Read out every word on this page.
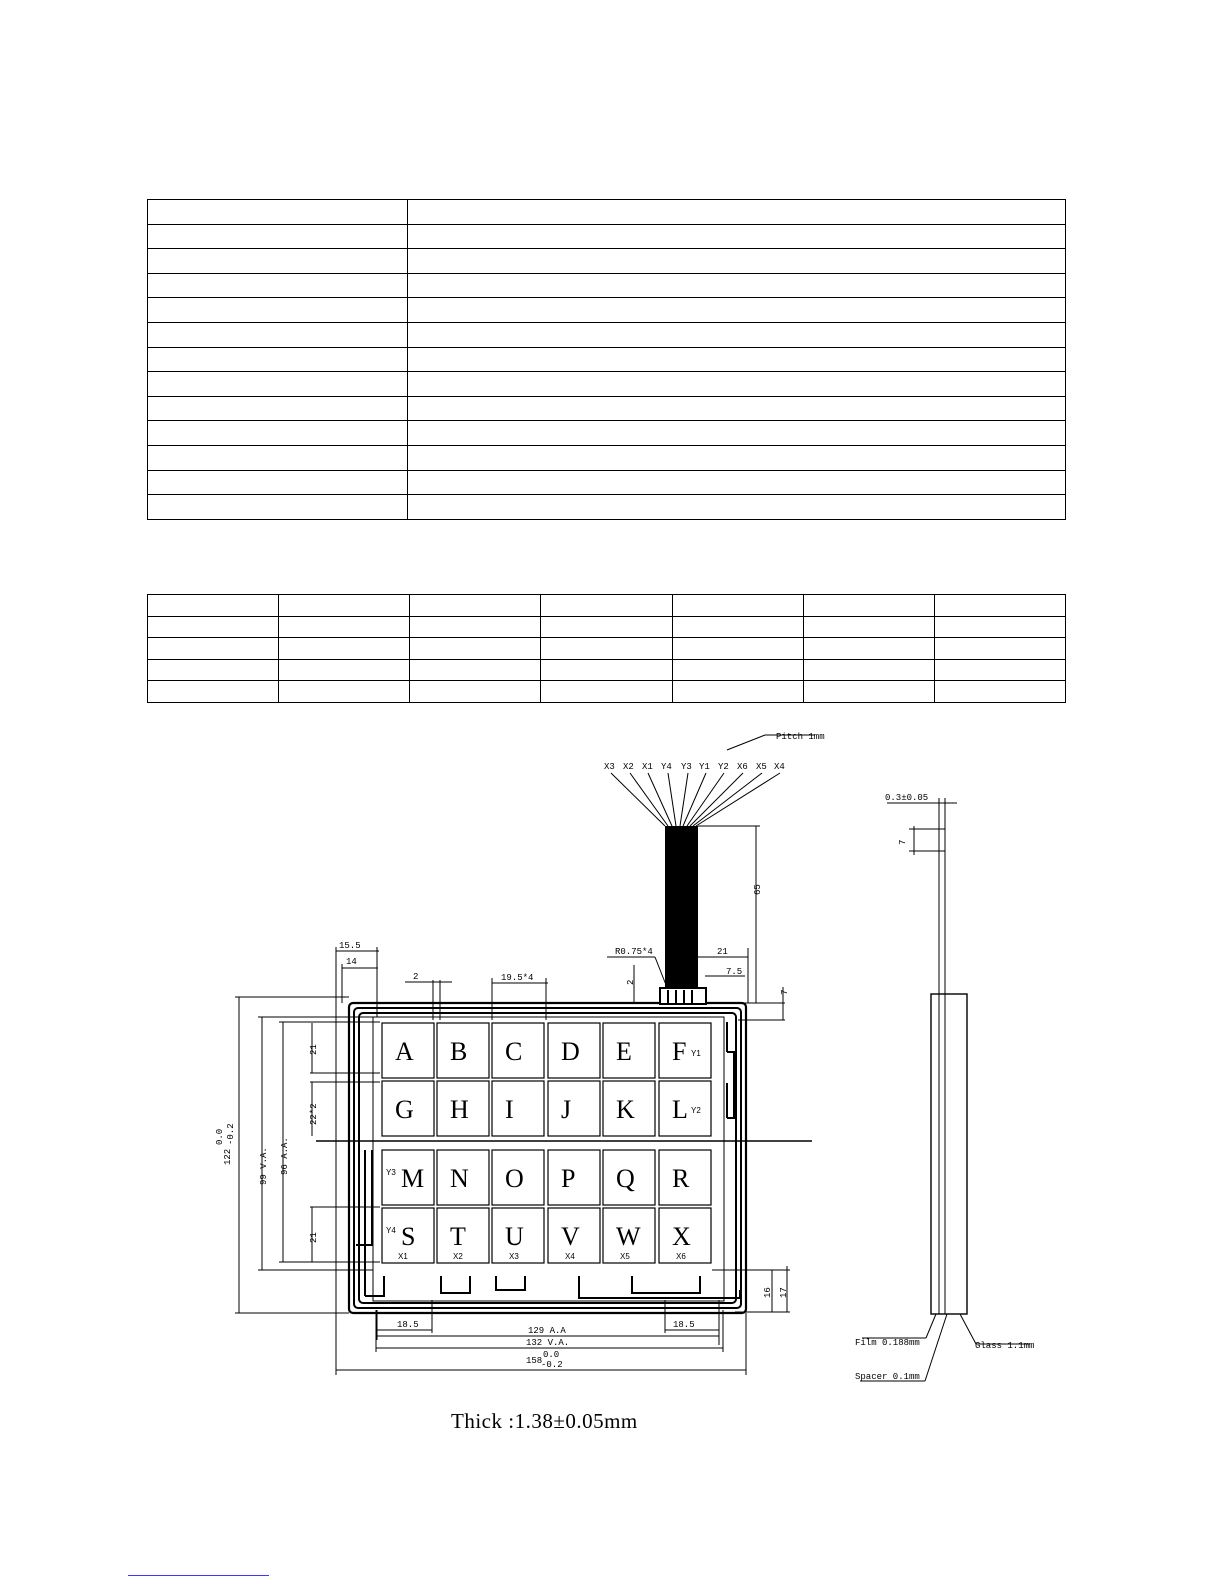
A B C D E F
G H I J K L
M N O P Q R
S T U V W X
Y1
Y2
Y3
Y4
X1	X2	X3	X4	X5	X6
Pitch 1mm
X3 X2 X1 Y4 Y3 Y1 Y2 X6 X5 X4
R0.75*4	21
7.5
15.5
14
2	19.5*4
65
2
7
21
22*2
21
96 A.A.
99 V.A.
122
0.0 -0.2
16 17
18.5	18.5
129 A.A
132 V.A.
158
0.0
-0.2
0.3±0.05
7
Film 0.188mm	Glass 1.1mm
Spacer 0.1mm
Thick :1.38±0.05mm
